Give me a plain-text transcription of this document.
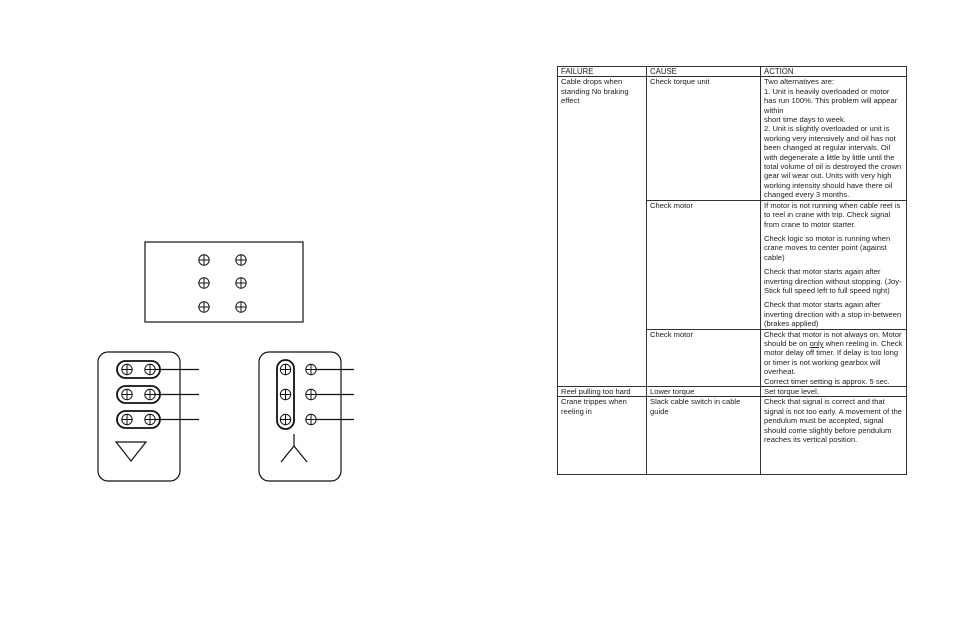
FAILURE	CAUSE	ACTION
Cable drops when standing No braking effect	Check torque unit	Two alternatives are:
1. Unit is heavily overloaded or motor has run 100%. This problem will appear within
short time days to week.
2. Unit is slightly overloaded or unit is working very intensively and oil has not been changed at regular intervals. Oil with degenerate a little by little until the total volume of oil is destroyed the crown gear wil wear out. Units with very high working intensity should have there oil changed every 3 months.

	Check motor	If motor is not running when cable reel is to reel in crane with trip. Check signal from crane to motor starter.
Check logic so motor is running when crane moves to center point (against cable)
Check that motor starts again after inverting direction without stopping. (Joy-Stick full speed left to full speed right)
Check that motor starts again after inverting direction with a stop in-between (brakes applied)

	Check motor	Check that motor is not always on. Motor should be on only when reeling in. Check motor delay off timer. If delay is too long or timer is not working gearbox will overheat.
Correct timer setting is approx. 5 sec.

Reel pulling too hard	Lower torque	Set torque level.

Crane trippes when reeling in	Slack cable switch in cable guide	Check that signal is correct and that signal is not too early. A movement of the pendulum must be accepted, signal should come slightly before pendulum reaches its vertical position.
